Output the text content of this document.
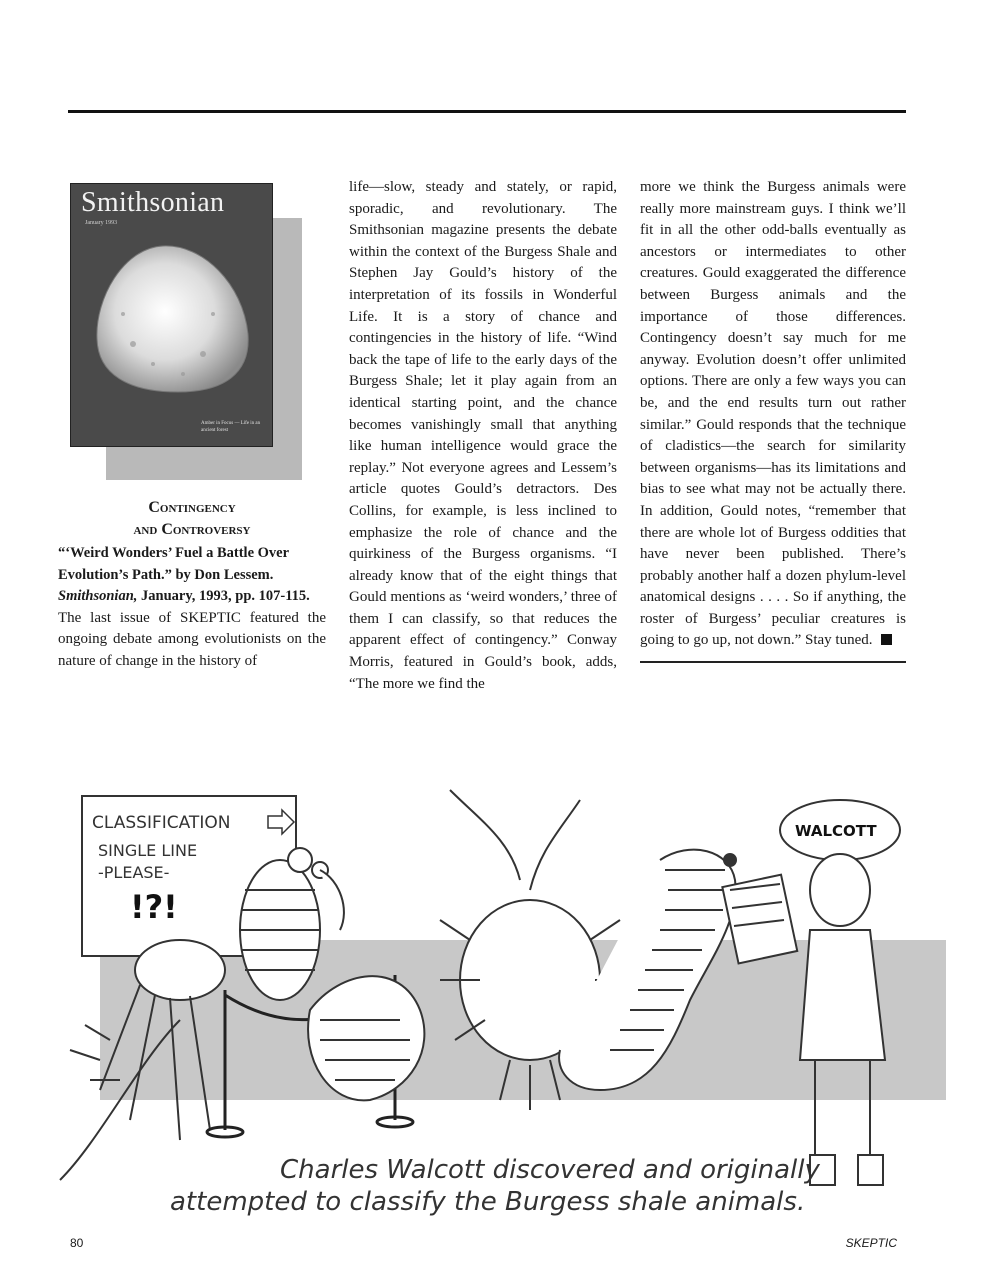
Smithsonian
January 1993
Amber in Focus — Life in an ancient forest

Contingency
and Controversy

“‘Weird Wonders’ Fuel a Battle Over Evolution’s Path.” by Don Lessem. Smithsonian, January, 1993, pp. 107-115.

The last issue of SKEPTIC featured the ongoing debate among evolutionists on the nature of change in the history of

life—slow, steady and stately, or rapid, sporadic, and revolutionary. The Smithsonian magazine presents the debate within the context of the Burgess Shale and Stephen Jay Gould’s history of the interpretation of its fossils in Wonderful Life. It is a story of chance and contingencies in the history of life. “Wind back the tape of life to the early days of the Burgess Shale; let it play again from an identical starting point, and the chance becomes vanishingly small that anything like human intelligence would grace the replay.” Not everyone agrees and Lessem’s article quotes Gould’s detractors. Des Collins, for example, is less inclined to emphasize the role of chance and the quirkiness of the Burgess organisms. “I already know that of the eight things that Gould mentions as ‘weird wonders,’ three of them I can classify, so that reduces the apparent effect of contingency.” Conway Morris, featured in Gould’s book, adds, “The more we find the

more we think the Burgess animals were really more mainstream guys. I think we’ll fit in all the other odd-balls eventually as ancestors or intermediates to other creatures. Gould exaggerated the difference between Burgess animals and the importance of those differences. Contingency doesn’t say much for me anyway. Evolution doesn’t offer unlimited options. There are only a few ways you can be, and the end results turn out rather similar.” Gould responds that the technique of cladistics—the search for similarity between organisms—has its limitations and bias to see what may not be actually there. In addition, Gould notes, “remember that there are whole lot of Burgess oddities that have never been published. There’s probably another half a dozen phylum-level anatomical designs . . . . So if anything, the roster of Burgess’ peculiar creatures is going to go up, not down.” Stay tuned.

CLASSIFICATION
SINGLE LINE
-PLEASE-
!?!
WALCOTT
Charles Walcott discovered and originally
attempted to classify the Burgess shale animals.
80	SKEPTIC
